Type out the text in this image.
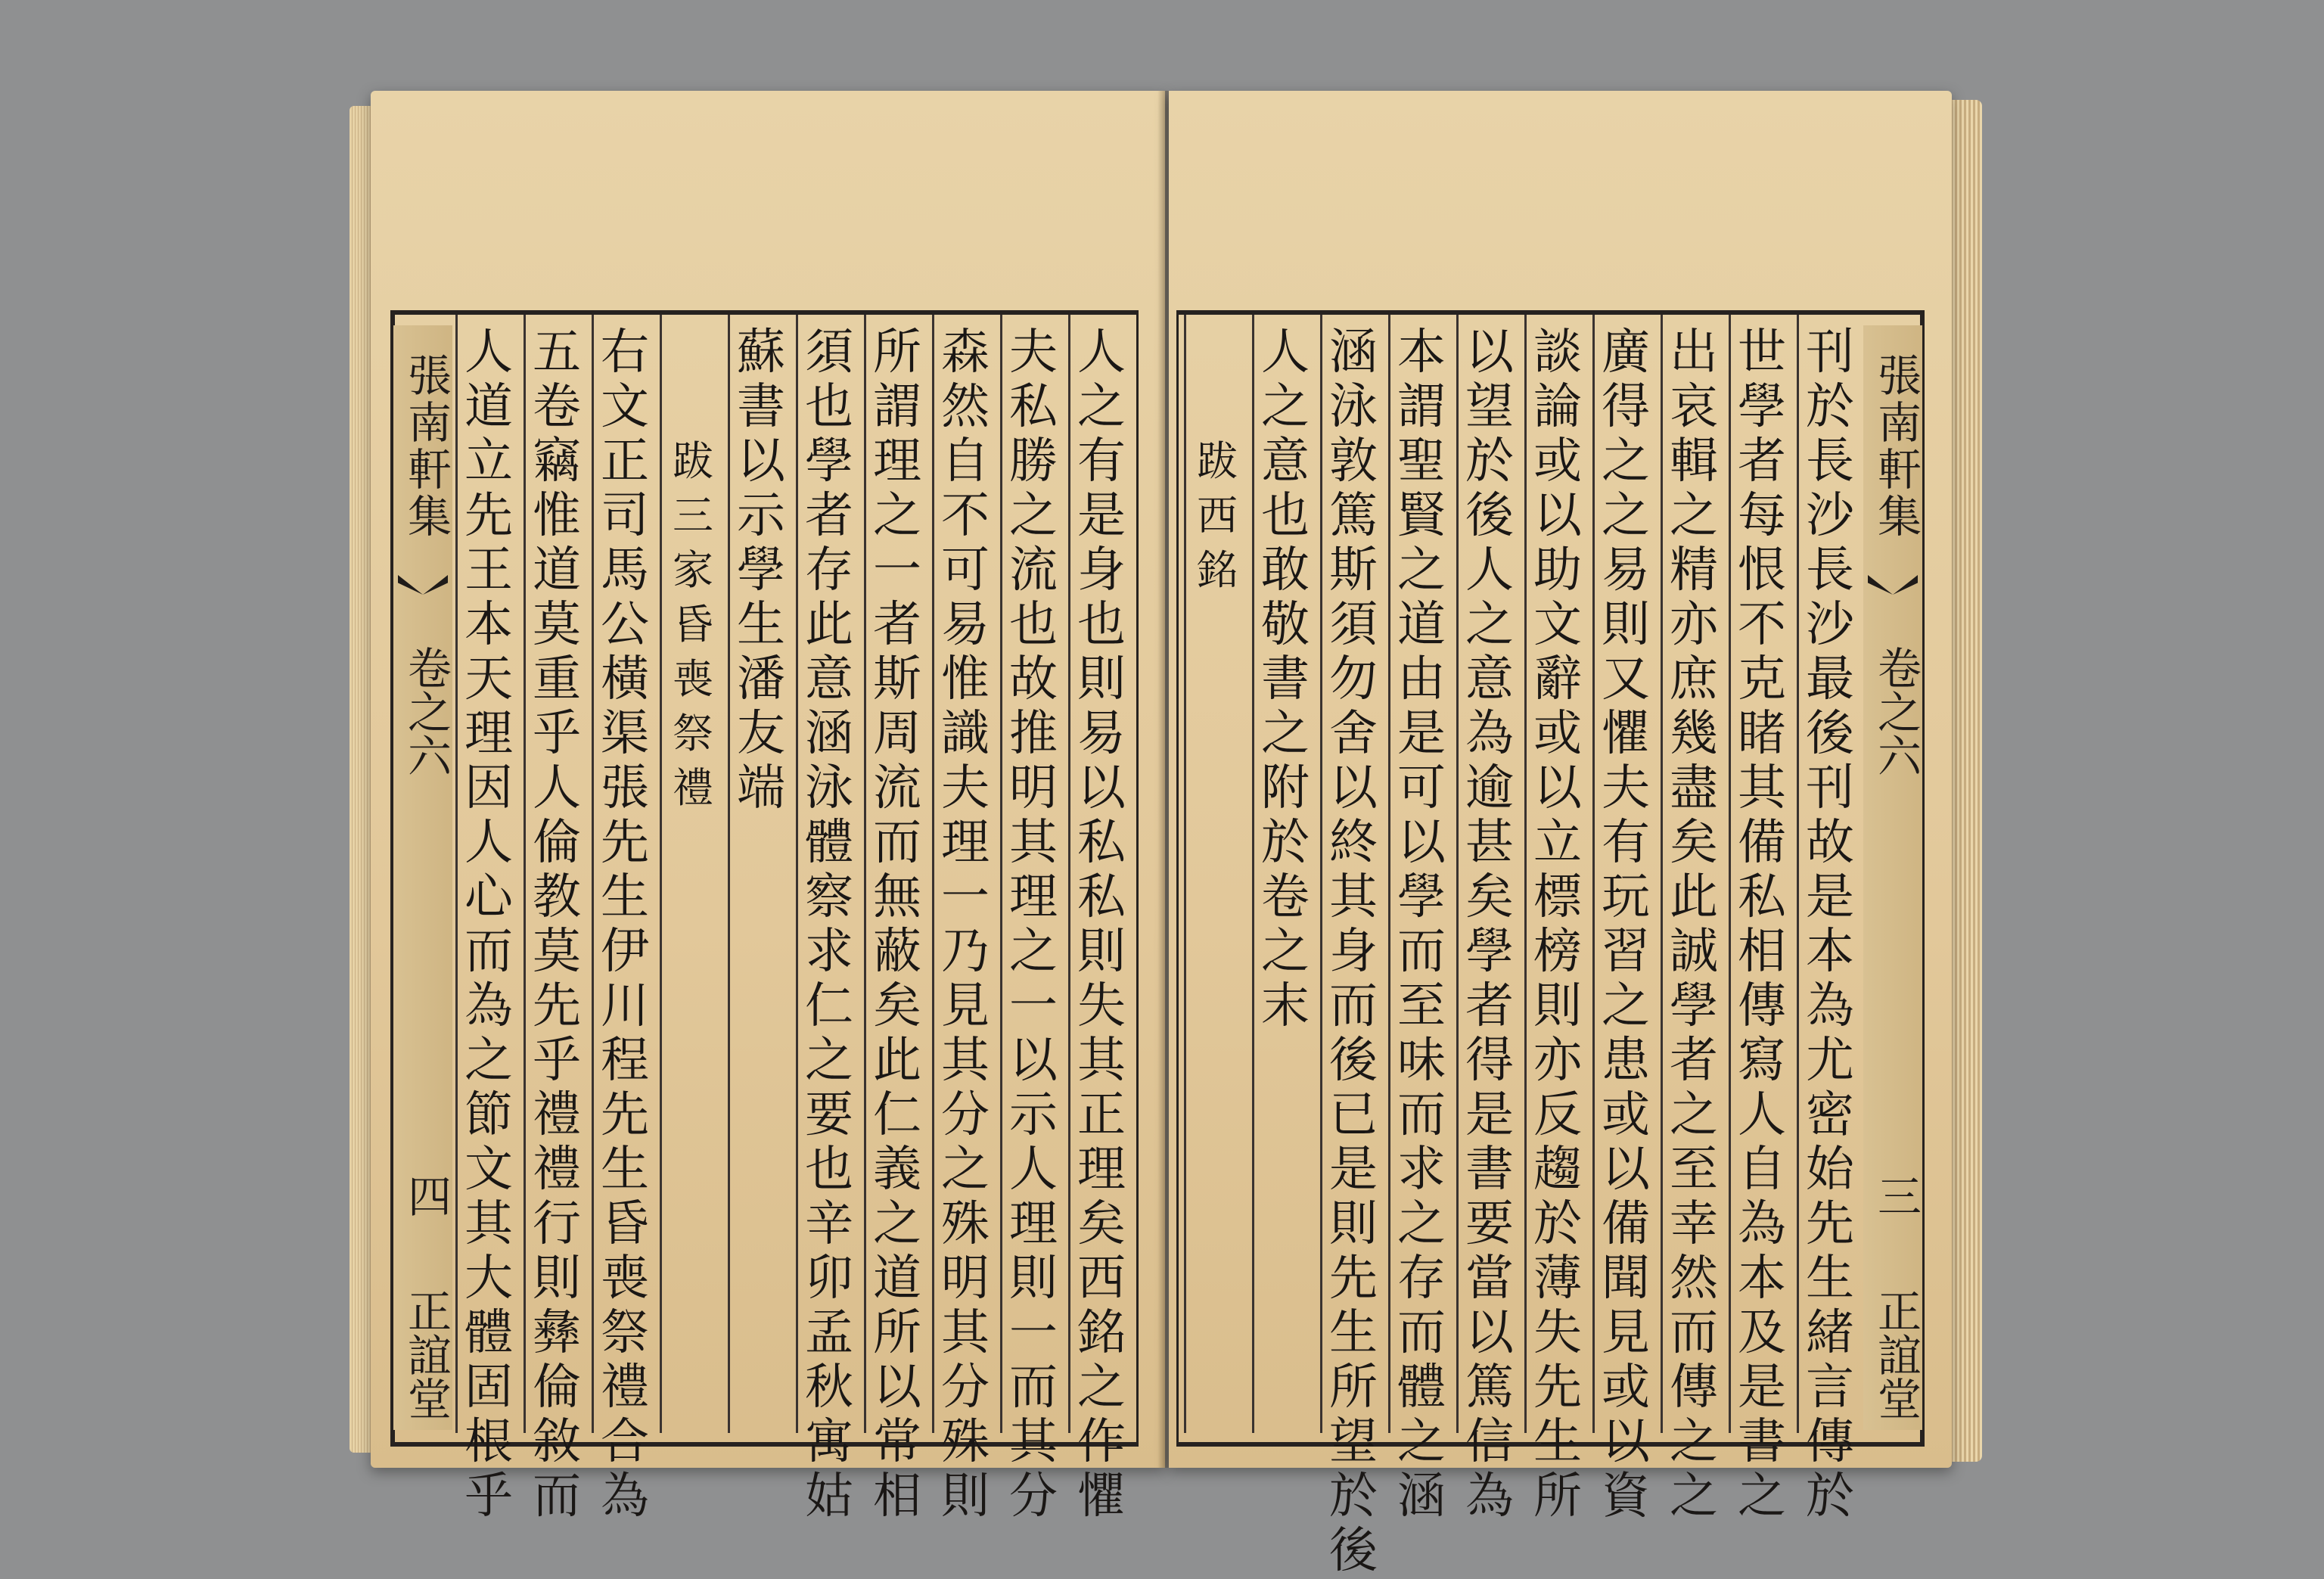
張南軒集
卷之六
四
正誼堂
人
道
立
先
王
本
天
理
因
人
心
而
為
之
節
文
其
大
體
固
根
乎
五
卷
竊
惟
道
莫
重
乎
人
倫
教
莫
先
乎
禮
禮
行
則
彝
倫
敘
而
右
文
正
司
馬
公
橫
渠
張
先
生
伊
川
程
先
生
昏
喪
祭
禮
合
為
跋
三
家
昏
喪
祭
禮
蘇
書
以
示
學
生
潘
友
端
須
也
學
者
存
此
意
涵
泳
體
察
求
仁
之
要
也
辛
卯
孟
秋
寓
姑
所
謂
理
之
一
者
斯
周
流
而
無
蔽
矣
此
仁
義
之
道
所
以
常
相
森
然
自
不
可
易
惟
識
夫
理
一
乃
見
其
分
之
殊
明
其
分
殊
則
夫
私
勝
之
流
也
故
推
明
其
理
之
一
以
示
人
理
則
一
而
其
分
人
之
有
是
身
也
則
易
以
私
私
則
失
其
正
理
矣
西
銘
之
作
懼
跋
西
銘
人
之
意
也
敢
敬
書
之
附
於
卷
之
末
涵
泳
敦
篤
斯
須
勿
舍
以
終
其
身
而
後
已
是
則
先
生
所
望
於
後
本
謂
聖
賢
之
道
由
是
可
以
學
而
至
味
而
求
之
存
而
體
之
涵
以
望
於
後
人
之
意
為
逾
甚
矣
學
者
得
是
書
要
當
以
篤
信
為
談
論
或
以
助
文
辭
或
以
立
標
榜
則
亦
反
趨
於
薄
失
先
生
所
廣
得
之
之
易
則
又
懼
夫
有
玩
習
之
患
或
以
備
聞
見
或
以
資
出
哀
輯
之
精
亦
庶
幾
盡
矣
此
誠
學
者
之
至
幸
然
而
傳
之
之
世
學
者
每
恨
不
克
睹
其
備
私
相
傳
寫
人
自
為
本
及
是
書
之
刊
於
長
沙
長
沙
最
後
刊
故
是
本
為
尤
密
始
先
生
緒
言
傳
於
張南軒集
卷之六
三
正誼堂
